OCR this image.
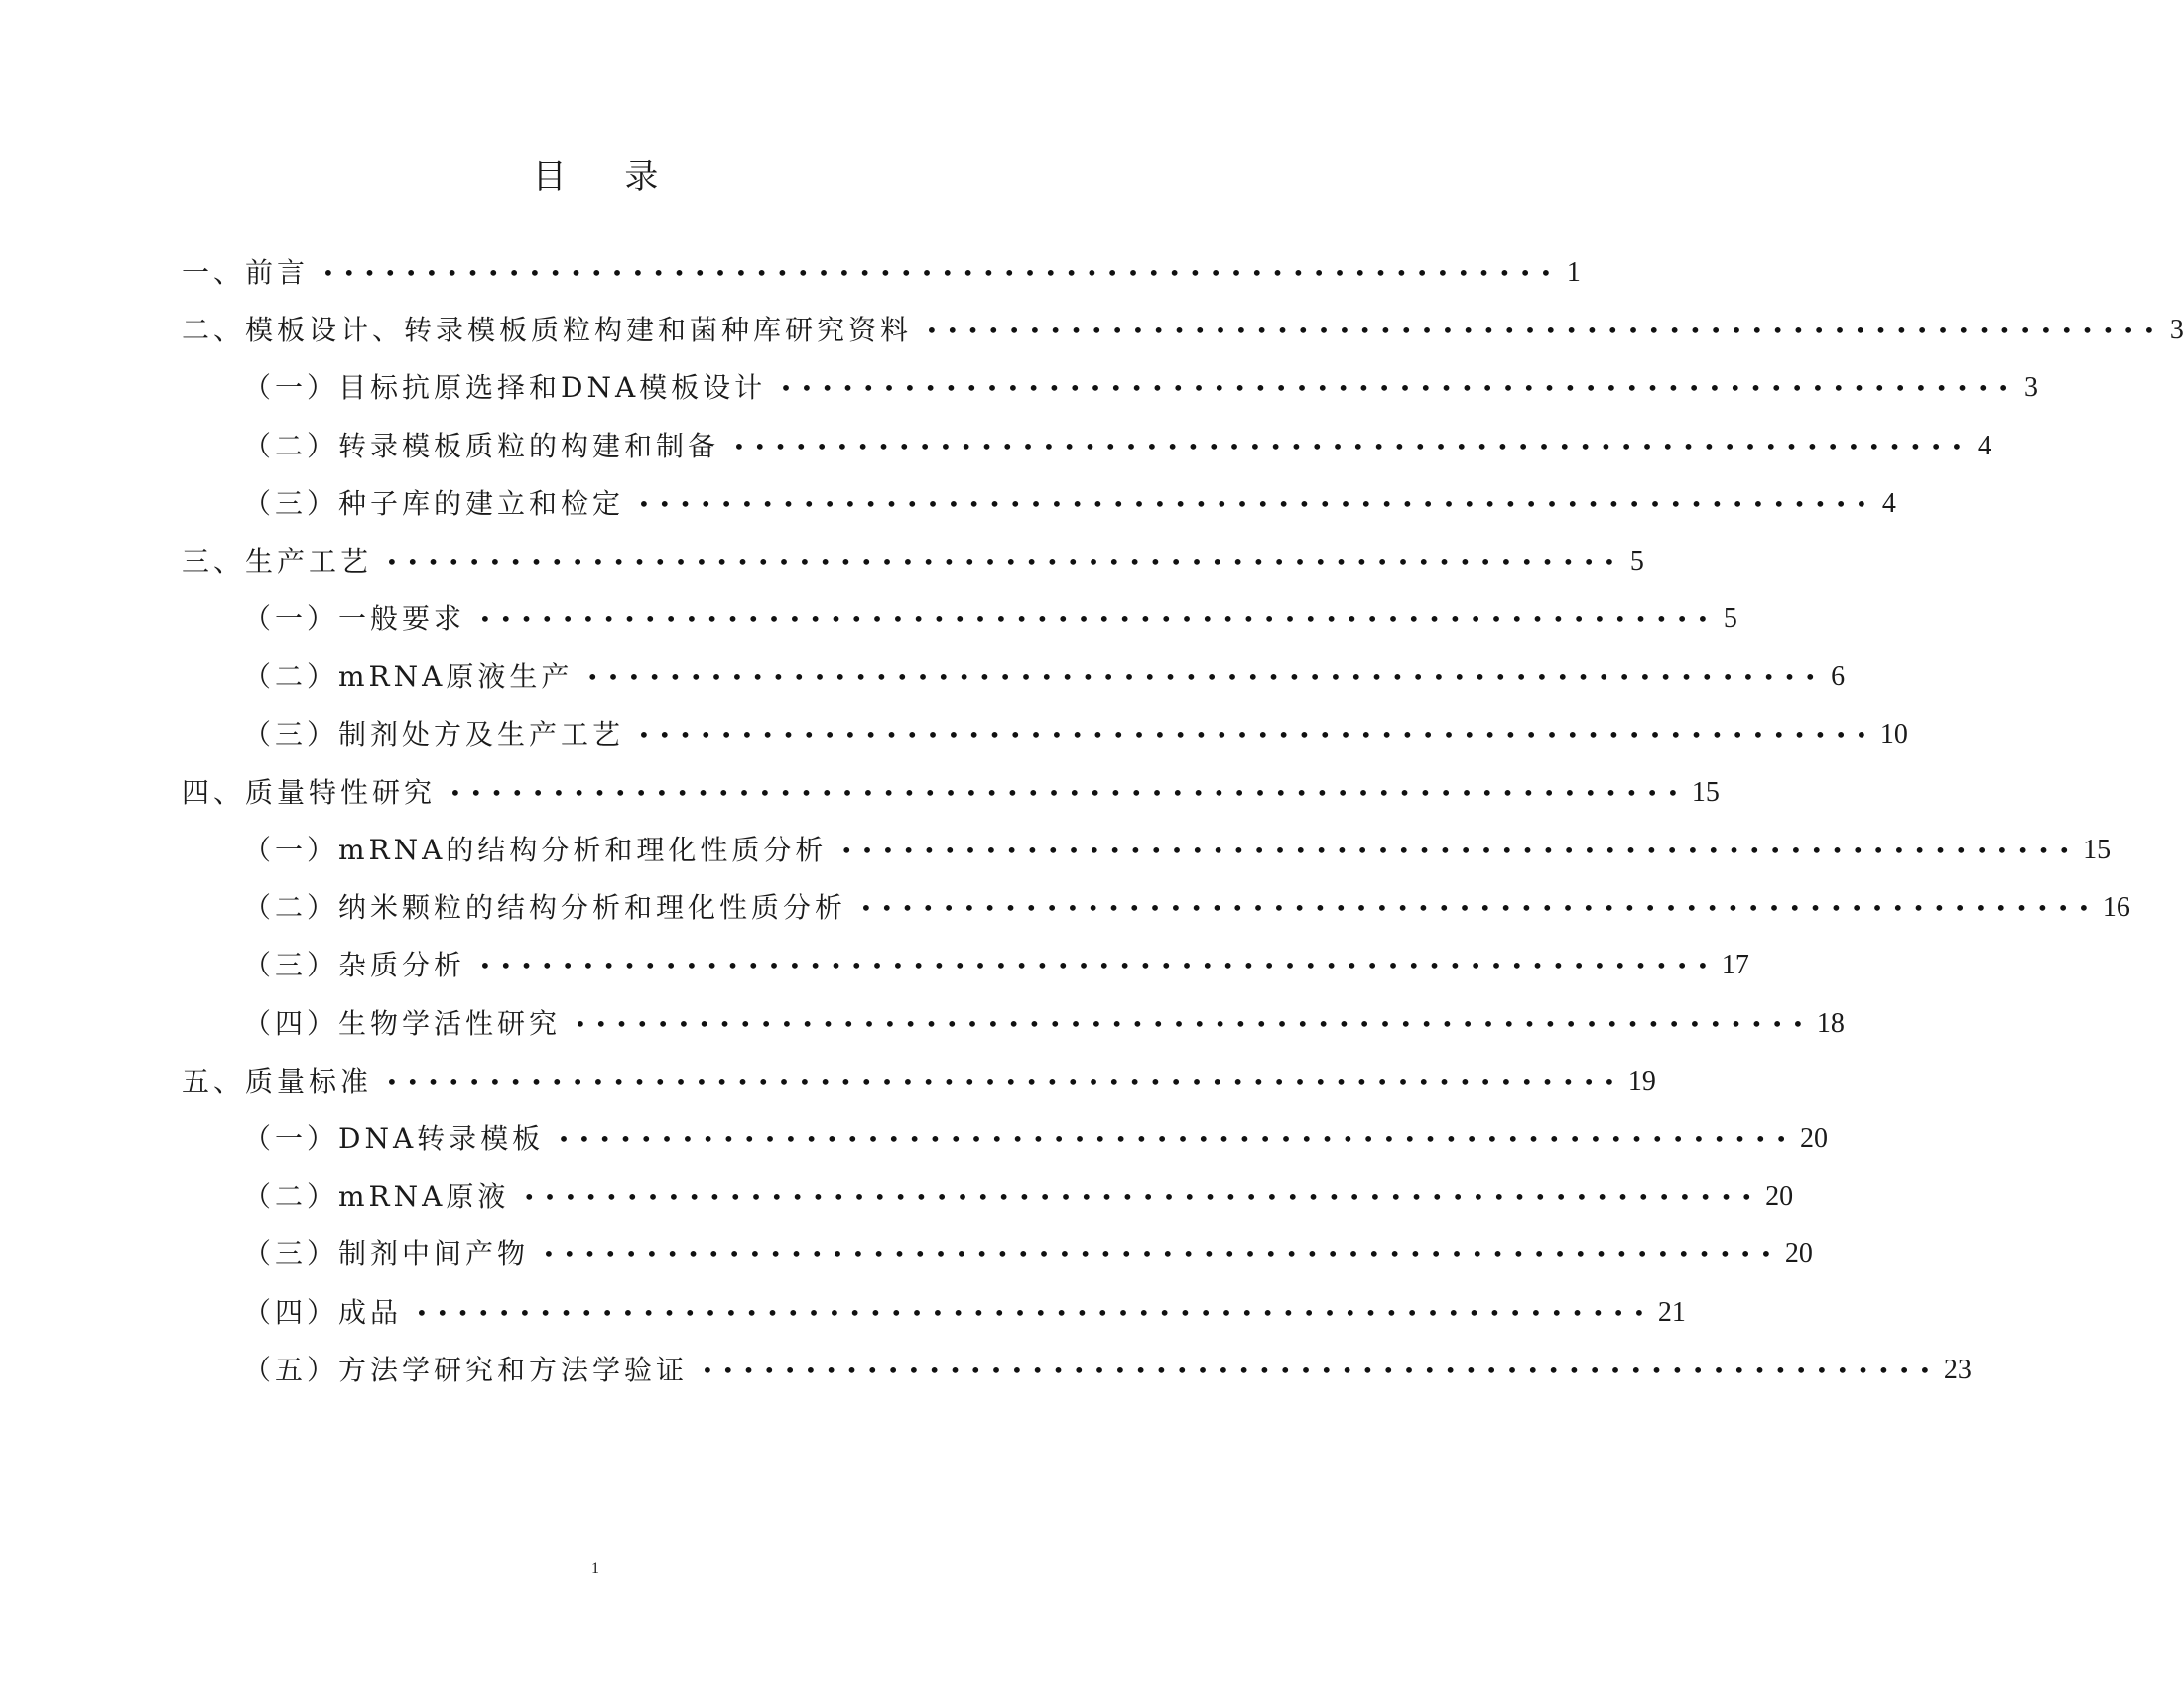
目 录
一、前言 •••••••••••••••••••••••••••••••••••••••••••••••••••••••••••• 1
二、模板设计、转录模板质粒构建和菌种库研究资料 •••••••••••••••••••••••••••••••••••••••••••••••••••••••••••• 3
（一）目标抗原选择和DNA模板设计 •••••••••••••••••••••••••••••••••••••••••••••••••••••••••••• 3
（二）转录模板质粒的构建和制备 •••••••••••••••••••••••••••••••••••••••••••••••••••••••••••• 4
（三）种子库的建立和检定 •••••••••••••••••••••••••••••••••••••••••••••••••••••••••••• 4
三、生产工艺 •••••••••••••••••••••••••••••••••••••••••••••••••••••••••••• 5
（一）一般要求 •••••••••••••••••••••••••••••••••••••••••••••••••••••••••••• 5
（二）mRNA原液生产 •••••••••••••••••••••••••••••••••••••••••••••••••••••••••••• 6
（三）制剂处方及生产工艺 •••••••••••••••••••••••••••••••••••••••••••••••••••••••••••• 10
四、质量特性研究 •••••••••••••••••••••••••••••••••••••••••••••••••••••••••••• 15
（一）mRNA的结构分析和理化性质分析 •••••••••••••••••••••••••••••••••••••••••••••••••••••••••••• 15
（二）纳米颗粒的结构分析和理化性质分析 •••••••••••••••••••••••••••••••••••••••••••••••••••••••••••• 16
（三）杂质分析 •••••••••••••••••••••••••••••••••••••••••••••••••••••••••••• 17
（四）生物学活性研究 •••••••••••••••••••••••••••••••••••••••••••••••••••••••••••• 18
五、质量标准 •••••••••••••••••••••••••••••••••••••••••••••••••••••••••••• 19
（一）DNA转录模板 •••••••••••••••••••••••••••••••••••••••••••••••••••••••••••• 20
（二）mRNA原液 •••••••••••••••••••••••••••••••••••••••••••••••••••••••••••• 20
（三）制剂中间产物 •••••••••••••••••••••••••••••••••••••••••••••••••••••••••••• 20
（四）成品 •••••••••••••••••••••••••••••••••••••••••••••••••••••••••••• 21
（五）方法学研究和方法学验证 •••••••••••••••••••••••••••••••••••••••••••••••••••••••••••• 23
1
